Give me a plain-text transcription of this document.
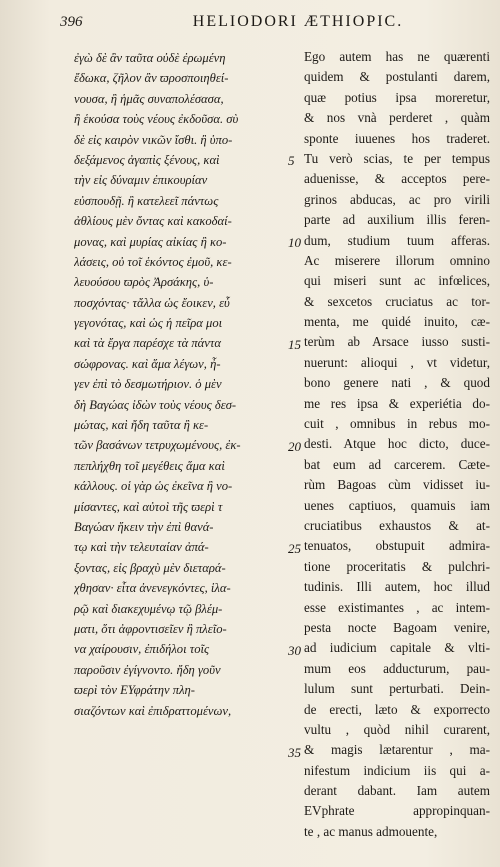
396	HELIODORI ÆTHIOPIC.
ἐγὼ δὲ ἂν ταῦτα οὐδὲ ἐρωμένη
ἔδωκα, ζῆλον ἂν ϖροσποιηθεί-
νουσα, ἢ ἡμᾶς συναπολέσασα,
ἢ ἑκούσα τοὺς νέους ἐκδοῦσα. σὺ
δὲ εἰς καιρὸν νικῶν ἴσθι. ἢ ὑπο-
δεξάμενος ἀγαπὶς ξένους, καὶ
τὴν εἰς δύναμιν ἐπικουρίαν
εὐσπουδῇ. ἢ κατελεεῖ πάντως
ἀθλίους μὲν ὄντας καὶ κακοδαί-
μονας, καὶ μυρίας αἰκίας ἢ κο-
λάσεις, οὐ τοῖ ἑκόντος ἐμοῦ, κε-
λευούσου ϖρὸς Ἀρσάκης, ὑ-
ποσχόντας· τἄλλα ὡς ἔοικεν, εὖ
γεγονότας, καὶ ὡς ἡ πεῖρα μοι
καὶ τὰ ἔργα παρέσχε τὰ πάντα
σώφρονας. καὶ ἅμα λέγων, ἦ-
γεν ἐπὶ τὸ δεσμωτήριον. ὁ μὲν
δὴ Βαγώας ἰδὼν τοὺς νέους δεσ-
μώτας, καὶ ἤδη ταῦτα ἢ κε-
τῶν βασάνων τετρυχωμένους, ἐκ-
πεπλήχθη τοῖ μεγέθεις ἅμα καὶ
κάλλους. οἱ γὰρ ὡς ἐκεῖνα ἢ νο-
μίσαντες, καὶ αὐτοὶ τῆς ϖερὶ τ
Βαγώαν ἥκειν τὴν ἐπὶ θανά-
τῳ καὶ τὴν τελευταίαν ἀπά-
ξοντας, εἰς βραχὺ μὲν διεταρά-
χθησαν· εἶτα ἀνενεγκόντες, ἱλα-
ρῷ καὶ διακεχυμένῳ τῷ βλέμ-
ματι, ὅτι ἀφροντισεῖεν ἢ πλεῖο-
να χαίρουσιν, ἐπιδήλοι τοῖς
παροῦσιν ἐγίγνοντο. ἤδη γοῦν
ϖερὶ τὸν ΕΥφράτην πλη-
σιαζόντων καὶ ἐπιδραττομένων,
5
10
15
20
25
30
35
Ego autem has ne quærenti
quidem & postulanti darem,
quæ potius ipsa moreretur,
& nos vnà perderet , quàm
sponte iuuenes hos traderet.
Tu verò scias, te per tempus
aduenisse, & acceptos pere-
grinos abducas, ac pro virili
parte ad auxilium illis feren-
dum, studium tuum afferas.
Ac miserere illorum omnino
qui miseri sunt ac infœlices,
& sexcetos cruciatus ac tor-
menta, me quidé inuito, cæ-
terùm ab Arsace iusso susti-
nuerunt: alioqui , vt videtur,
bono genere nati , & quod
me res ipsa & experiétia do-
cuit , omnibus in rebus mo-
desti. Atque hoc dicto, duce-
bat eum ad carcerem. Cæte-
rùm Bagoas cùm vidisset iu-
uenes captiuos, quamuis iam
cruciatibus exhaustos & at-
tenuatos, obstupuit admira-
tione proceritatis & pulchri-
tudinis. Illi autem, hoc illud
esse existimantes , ac intem-
pesta nocte Bagoam venire,
ad iudicium capitale & vlti-
mum eos adducturum, pau-
lulum sunt perturbati. Dein-
de erecti, læto & exporrecto
vultu , quòd nihil curarent,
& magis lætarentur , ma-
nifestum indicium iis qui a-
derant dabant. Iam autem
EVphrate appropinquan-
te , ac manus admouente,
